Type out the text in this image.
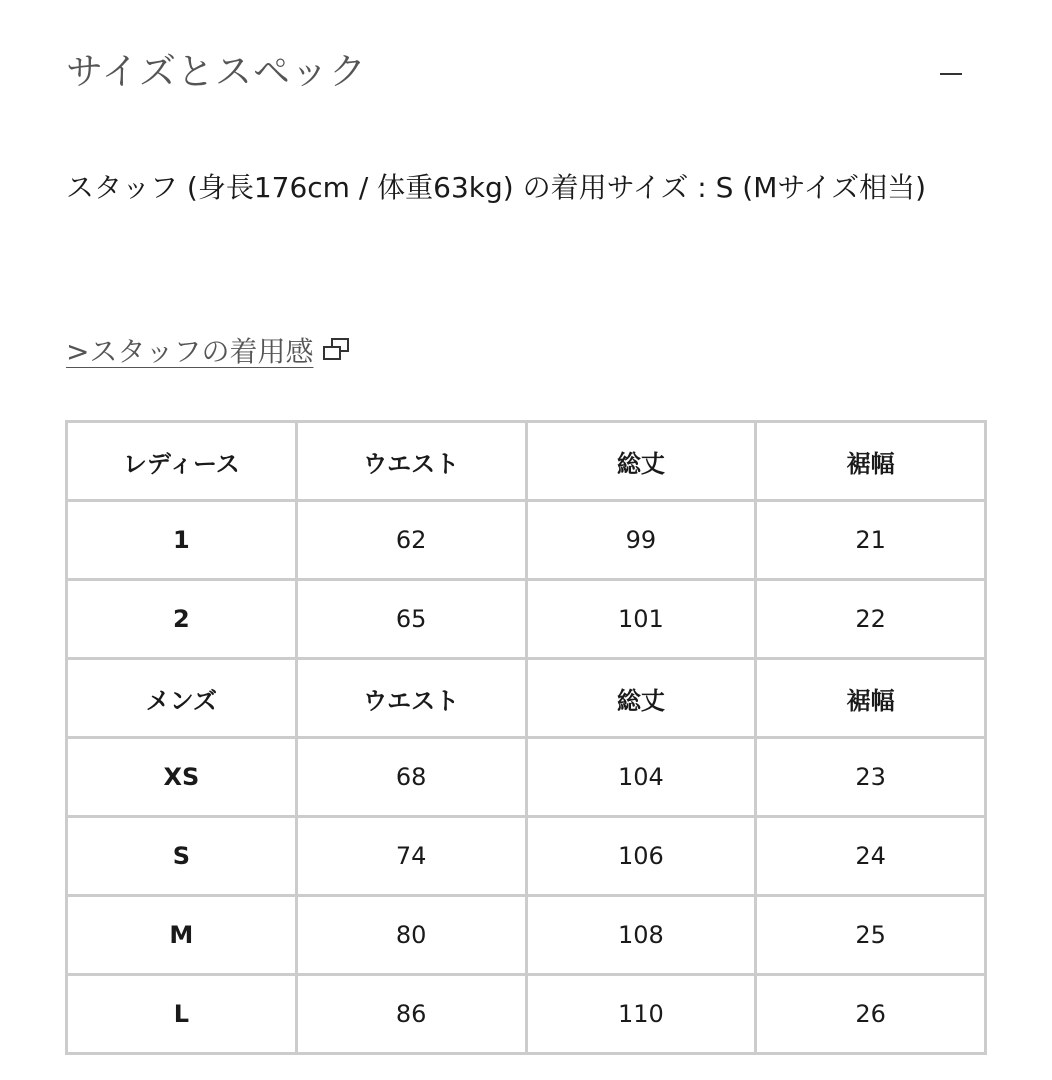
サイズとスペック
スタッフ (身長176cm / 体重63kg) の着用サイズ : S (Mサイズ相当)
>スタッフの着用感
レディース	ウエスト	総丈	裾幅
1	62	99	21
2	65	101	22
メンズ	ウエスト	総丈	裾幅
XS	68	104	23
S	74	106	24
M	80	108	25
L	86	110	26
